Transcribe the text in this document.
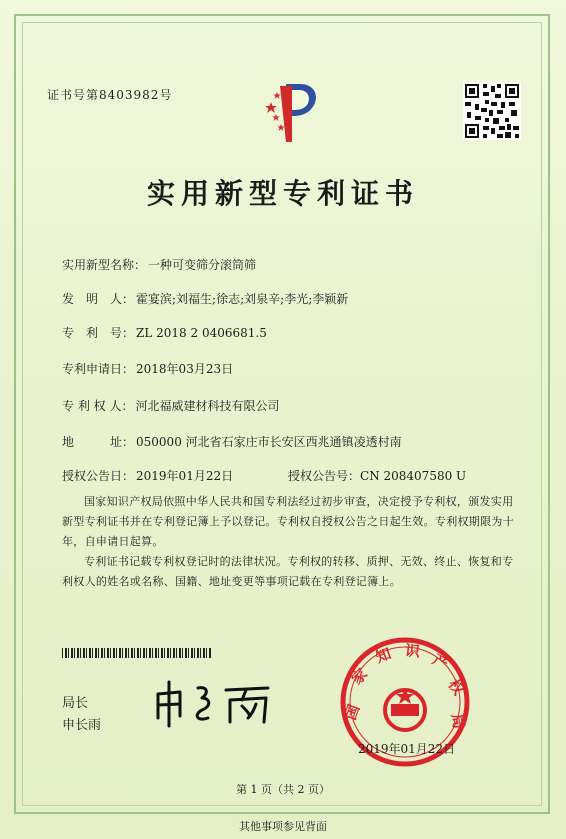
证书号第8403982号
实用新型专利证书
实用新型名称： 一种可变筛分滚筒筛
发　明　人： 霍宴滨;刘福生;徐志;刘泉辛;李光;李颖新
专　利　号： ZL 2018 2 0406681.5
专利申请日： 2018年03月23日
专 利 权 人： 河北福威建材科技有限公司
地　　　址： 050000 河北省石家庄市长安区西兆通镇凌透村南
授权公告日： 2019年01月22日	授权公告号：CN 208407580 U
国家知识产权局依照中华人民共和国专利法经过初步审查，决定授予专利权，颁发实用新型专利证书并在专利登记簿上予以登记。专利权自授权公告之日起生效。专利权期限为十年，自申请日起算。
专利证书记载专利权登记时的法律状况。专利权的转移、质押、无效、终止、恢复和专利权人的姓名或名称、国籍、地址变更等事项记载在专利登记簿上。
局长
申长雨
国
家
知 识 产
权
局
2019年01月22日
第 1 页（共 2 页）
其他事项参见背面
